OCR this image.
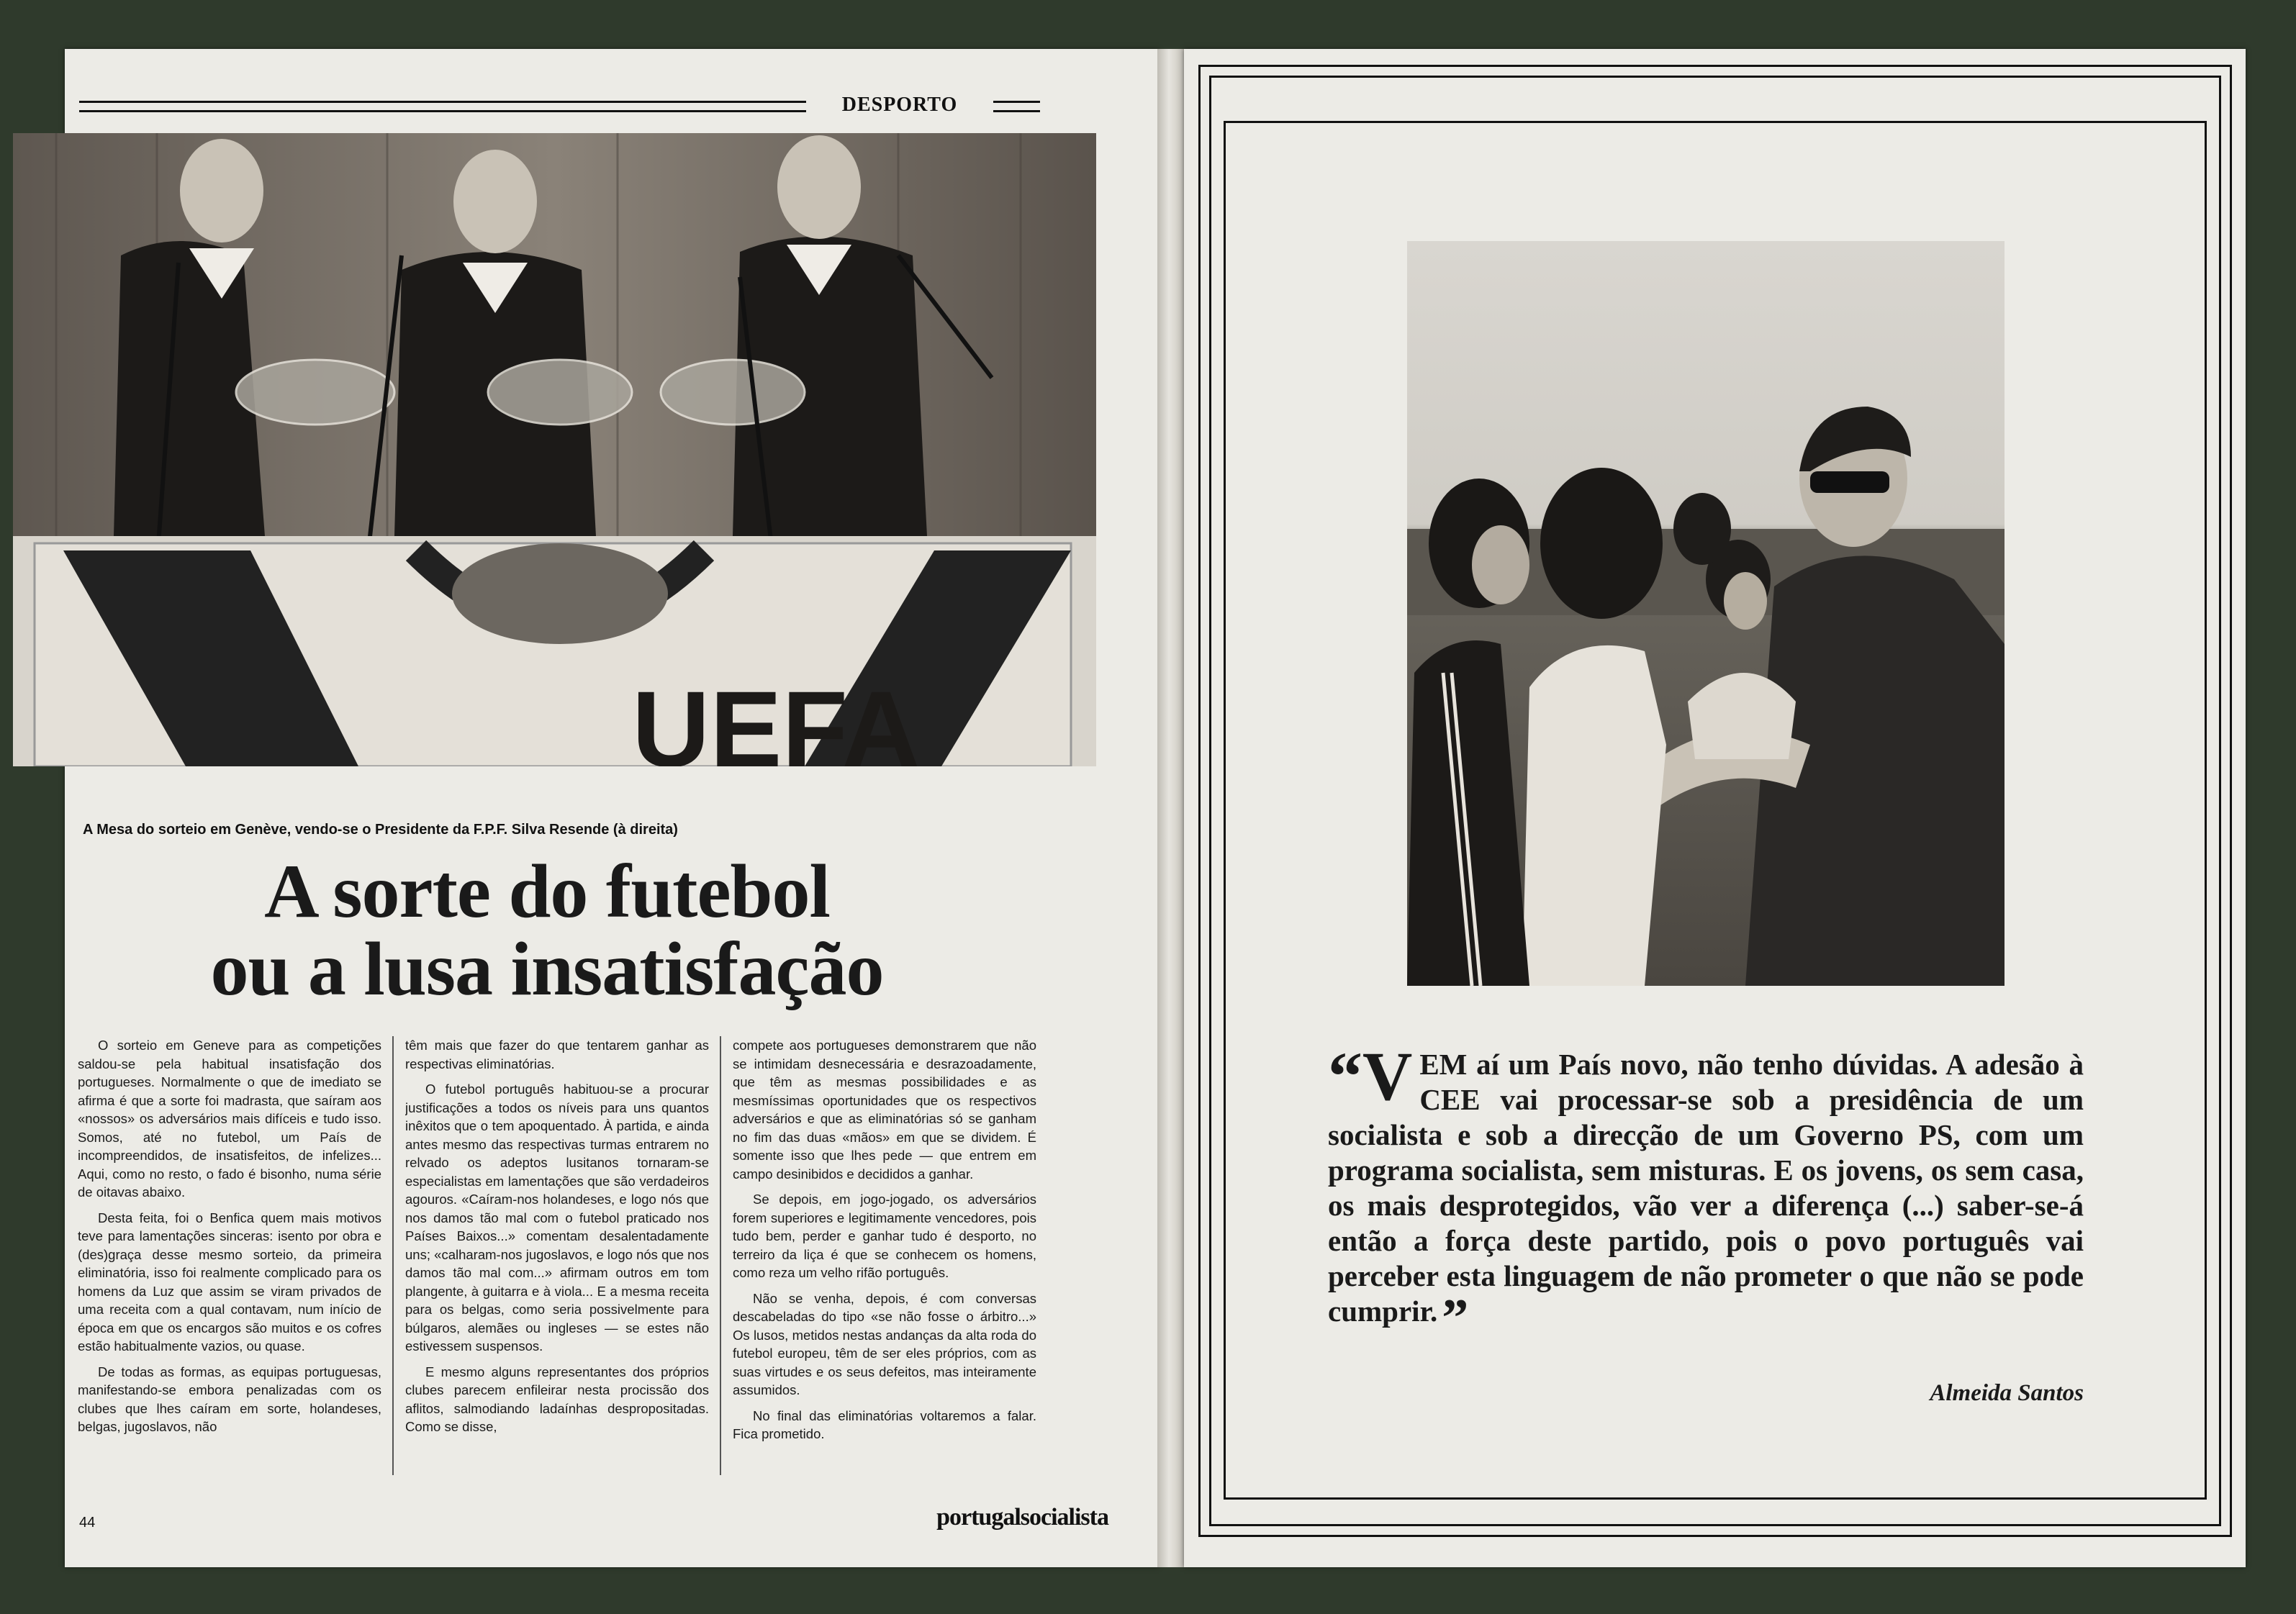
DESPORTO
UEFA
A Mesa do sorteio em Genève, vendo-se o Presidente da F.P.F. Silva Resende (à direita)
A sorte do futebol
ou a lusa insatisfação

O sorteio em Geneve para as competições saldou-se pela habitual insatisfação dos portugueses. Normalmente o que de imediato se afirma é que a sorte foi madrasta, que saíram aos «nossos» os adversários mais difíceis e tudo isso. Somos, até no futebol, um País de incompreendidos, de insatisfeitos, de infelizes... Aqui, como no resto, o fado é bisonho, numa série de oitavas abaixo.

Desta feita, foi o Benfica quem mais motivos teve para lamentações sinceras: isento por obra e (des)graça desse mesmo sorteio, da primeira eliminatória, isso foi realmente complicado para os homens da Luz que assim se viram privados de uma receita com a qual contavam, num início de época em que os encargos são muitos e os cofres estão habitualmente vazios, ou quase.

De todas as formas, as equipas portuguesas, manifestando-se embora penalizadas com os clubes que lhes caíram em sorte, holandeses, belgas, jugoslavos, não

têm mais que fazer do que tentarem ganhar as respectivas eliminatórias.

O futebol português habituou-se a procurar justificações a todos os níveis para uns quantos inêxitos que o tem apoquentado. À partida, e ainda antes mesmo das respectivas turmas entrarem no relvado os adeptos lusitanos tornaram-se especialistas em lamentações que são verdadeiros agouros. «Caíram-nos holandeses, e logo nós que nos damos tão mal com o futebol praticado nos Países Baixos...» comentam desalentadamente uns; «calharam-nos jugoslavos, e logo nós que nos damos tão mal com...» afirmam outros em tom plangente, à guitarra e à viola... E a mesma receita para os belgas, como seria possivelmente para búlgaros, alemães ou ingleses — se estes não estivessem suspensos.

E mesmo alguns representantes dos próprios clubes parecem enfileirar nesta procissão dos aflitos, salmodiando ladaínhas despropositadas. Como se disse,

compete aos portugueses demonstrarem que não se intimidam desnecessária e desrazoadamente, que têm as mesmas possibilidades e as mesmíssimas oportunidades que os respectivos adversários e que as eliminatórias só se ganham no fim das duas «mãos» em que se dividem. É somente isso que lhes pede — que entrem em campo desinibidos e decididos a ganhar.

Se depois, em jogo-jogado, os adversários forem superiores e legitimamente vencedores, pois tudo bem, perder e ganhar tudo é desporto, no terreiro da liça é que se conhecem os homens, como reza um velho rifão português.

Não se venha, depois, é com conversas descabeladas do tipo «se não fosse o árbitro...» Os lusos, metidos nestas andanças da alta roda do futebol europeu, têm de ser eles próprios, com as suas virtudes e os seus defeitos, mas inteiramente assumidos.

No final das eliminatórias voltaremos a falar. Fica prometido.

44	portugalsocialista
“V EM aí um País novo, não tenho dúvidas. A adesão à CEE vai processar-se sob a presidência de um socialista e sob a direcção de um Governo PS, com um programa socialista, sem misturas. E os jovens, os sem casa, os mais desprotegidos, vão ver a diferença (...) saber-se-á então a força deste partido, pois o povo português vai perceber esta linguagem de não prometer o que não se pode cumprir.”
Almeida Santos
